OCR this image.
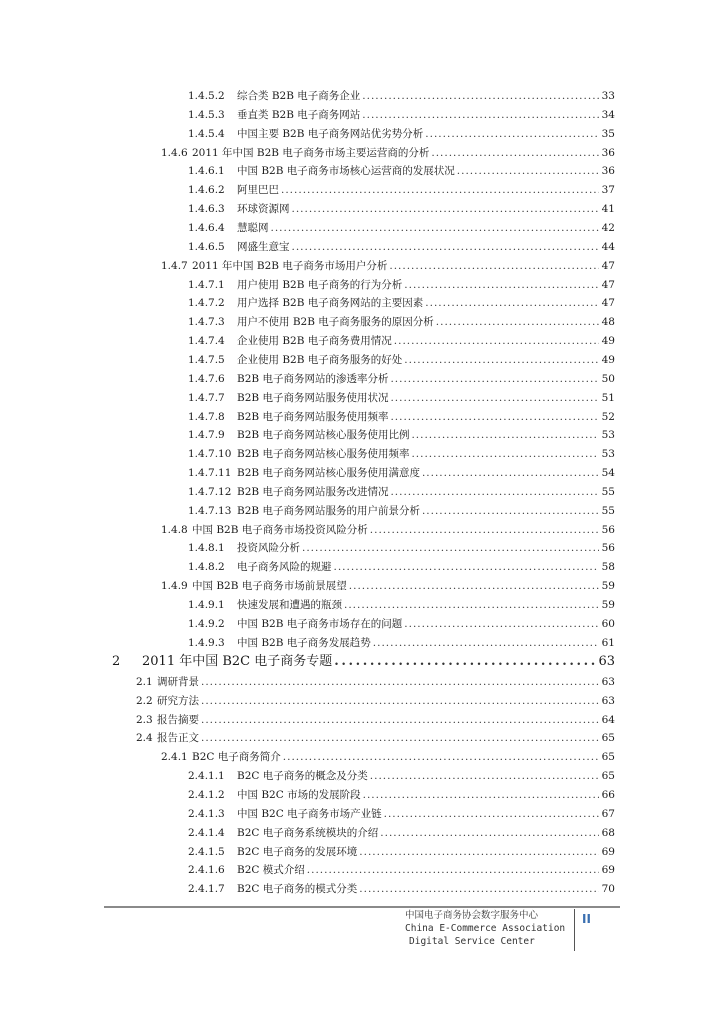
1.4.5.2	综合类 B2B 电子商务企业 .....	33
1.4.5.3	垂直类 B2B 电子商务网站 .....	34
1.4.5.4	中国主要 B2B 电子商务网站优劣势分析 .....	35
1.4.6 2011 年中国 B2B 电子商务市场主要运营商的分析 .....	36
1.4.6.1	中国 B2B 电子商务市场核心运营商的发展状况 .....	36
1.4.6.2	阿里巴巴 .....	37
1.4.6.3	环球资源网 .....	41
1.4.6.4	慧聪网 .....	42
1.4.6.5	网盛生意宝 .....	44
1.4.7 2011 年中国 B2B 电子商务市场用户分析 .....	47
1.4.7.1	用户使用 B2B 电子商务的行为分析 .....	47
1.4.7.2	用户选择 B2B 电子商务网站的主要因素 .....	47
1.4.7.3	用户不使用 B2B 电子商务服务的原因分析 .....	48
1.4.7.4	企业使用 B2B 电子商务费用情况 .....	49
1.4.7.5	企业使用 B2B 电子商务服务的好处 .....	49
1.4.7.6	B2B 电子商务网站的渗透率分析 .....	50
1.4.7.7	B2B 电子商务网站服务使用状况 .....	51
1.4.7.8	B2B 电子商务网站服务使用频率 .....	52
1.4.7.9	B2B 电子商务网站核心服务使用比例 .....	53
1.4.7.10 B2B 电子商务网站核心服务使用频率 .....	53
1.4.7.11 B2B 电子商务网站核心服务使用满意度 .....	54
1.4.7.12 B2B 电子商务网站服务改进情况 .....	55
1.4.7.13 B2B 电子商务网站服务的用户前景分析 .....	55
1.4.8 中国 B2B 电子商务市场投资风险分析 .....	56
1.4.8.1	投资风险分析 .....	56
1.4.8.2	电子商务风险的规避 .....	58
1.4.9 中国 B2B 电子商务市场前景展望 .....	59
1.4.9.1	快速发展和遭遇的瓶颈 .....	59
1.4.9.2	中国 B2B 电子商务市场存在的问题 .....	60
1.4.9.3	中国 B2B 电子商务发展趋势 .....	61
2	2011 年中国 B2C 电子商务专题 .....	63
2.1 调研背景 .....	63
2.2 研究方法 .....	63
2.3 报告摘要 .....	64
2.4 报告正文 .....	65
2.4.1 B2C 电子商务简介 .....	65
2.4.1.1	B2C 电子商务的概念及分类 .....	65
2.4.1.2	中国 B2C 市场的发展阶段 .....	66
2.4.1.3	中国 B2C 电子商务市场产业链 .....	67
2.4.1.4	B2C 电子商务系统模块的介绍 .....	68
2.4.1.5	B2C 电子商务的发展环境 .....	69
2.4.1.6	B2C 模式介绍 .....	69
2.4.1.7	B2C 电子商务的模式分类 .....	70
中国电子商务协会数字服务中心
China E-Commerce Association
Digital Service Center
II
